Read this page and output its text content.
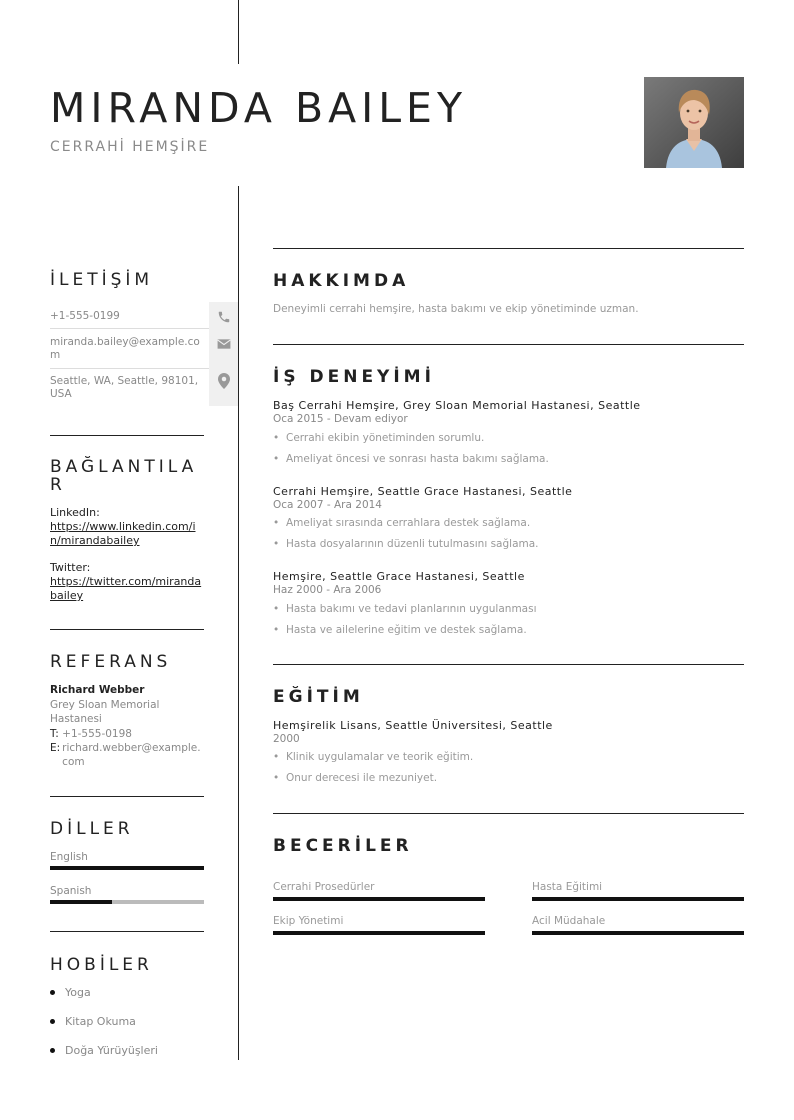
MIRANDA BAILEY
CERRAHİ HEMŞİRE
İLETİŞİM
+1-555-0199
miranda.bailey@example.com
Seattle, WA, Seattle, 98101, USA
BAĞLANTILAR
LinkedIn:
https://www.linkedin.com/in/mirandabailey
Twitter:
https://twitter.com/mirandabailey
REFERANS
Richard Webber
Grey Sloan Memorial Hastanesi
T: +1-555-0198
E: richard.webber@example.com
DİLLER
English
Spanish
HOBİLER
Yoga
Kitap Okuma
Doğa Yürüyüşleri
HAKKIMDA
Deneyimli cerrahi hemşire, hasta bakımı ve ekip yönetiminde uzman.
İŞ DENEYİMİ
Baş Cerrahi Hemşire, Grey Sloan Memorial Hastanesi, Seattle
Oca 2015 - Devam ediyor
• Cerrahi ekibin yönetiminden sorumlu.
• Ameliyat öncesi ve sonrası hasta bakımı sağlama.
Cerrahi Hemşire, Seattle Grace Hastanesi, Seattle
Oca 2007 - Ara 2014
• Ameliyat sırasında cerrahlara destek sağlama.
• Hasta dosyalarının düzenli tutulmasını sağlama.
Hemşire, Seattle Grace Hastanesi, Seattle
Haz 2000 - Ara 2006
• Hasta bakımı ve tedavi planlarının uygulanması
• Hasta ve ailelerine eğitim ve destek sağlama.
EĞİTİM
Hemşirelik Lisans, Seattle Üniversitesi, Seattle
2000
• Klinik uygulamalar ve teorik eğitim.
• Onur derecesi ile mezuniyet.
BECERİLER
Cerrahi Prosedürler	Hasta Eğitimi
Ekip Yönetimi	Acil Müdahale
